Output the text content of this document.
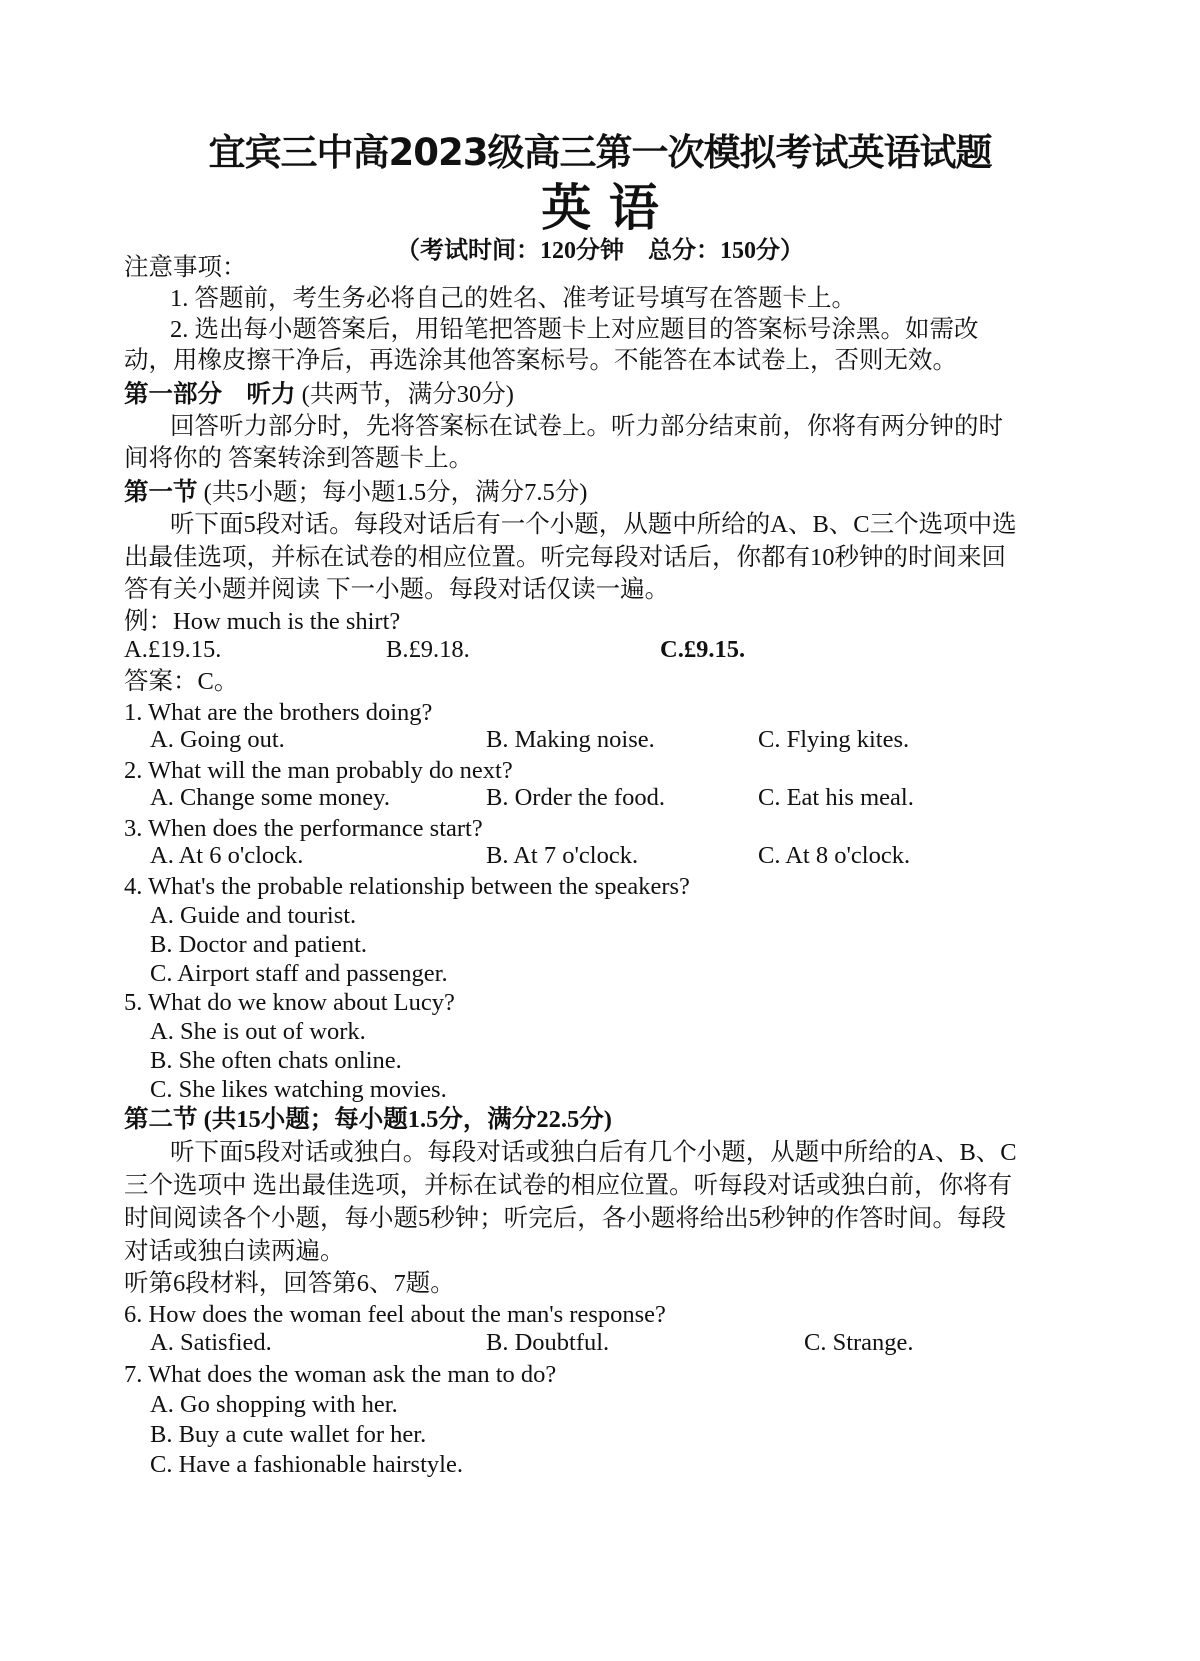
宜宾三中高2023级高三第一次模拟考试英语试题
英 语
（考试时间：120分钟　总分：150分）
注意事项：
1. 答题前，考生务必将自己的姓名、准考证号填写在答题卡上。
2. 选出每小题答案后，用铅笔把答题卡上对应题目的答案标号涂黑。如需改
动，用橡皮擦干净后，再选涂其他答案标号。不能答在本试卷上，否则无效。
第一部分　听力 (共两节，满分30分)
回答听力部分时，先将答案标在试卷上。听力部分结束前，你将有两分钟的时
间将你的 答案转涂到答题卡上。
第一节 (共5小题；每小题1.5分，满分7.5分)
听下面5段对话。每段对话后有一个小题，从题中所给的A、B、C三个选项中选
出最佳选项，并标在试卷的相应位置。听完每段对话后，你都有10秒钟的时间来回
答有关小题并阅读 下一小题。每段对话仅读一遍。
例：How much is the shirt?
A.£19.15.	B.£9.18.	C.£9.15.
答案：C。
1. What are the brothers doing?
A. Going out.	B. Making noise.	C. Flying kites.
2. What will the man probably do next?
A. Change some money.	B. Order the food.	C. Eat his meal.
3. When does the performance start?
A. At 6 o'clock.	B. At 7 o'clock.	C. At 8 o'clock.
4. What's the probable relationship between the speakers?
A. Guide and tourist.
B. Doctor and patient.
C. Airport staff and passenger.
5. What do we know about Lucy?
A. She is out of work.
B. She often chats online.
C. She likes watching movies.
第二节 (共15小题；每小题1.5分，满分22.5分)
听下面5段对话或独白。每段对话或独白后有几个小题，从题中所给的A、B、C
三个选项中 选出最佳选项，并标在试卷的相应位置。听每段对话或独白前，你将有
时间阅读各个小题，每小题5秒钟；听完后，各小题将给出5秒钟的作答时间。每段
对话或独白读两遍。
听第6段材料，回答第6、7题。
6. How does the woman feel about the man's response?
A. Satisfied.	B. Doubtful.	C. Strange.
7. What does the woman ask the man to do?
A. Go shopping with her.
B. Buy a cute wallet for her.
C. Have a fashionable hairstyle.
